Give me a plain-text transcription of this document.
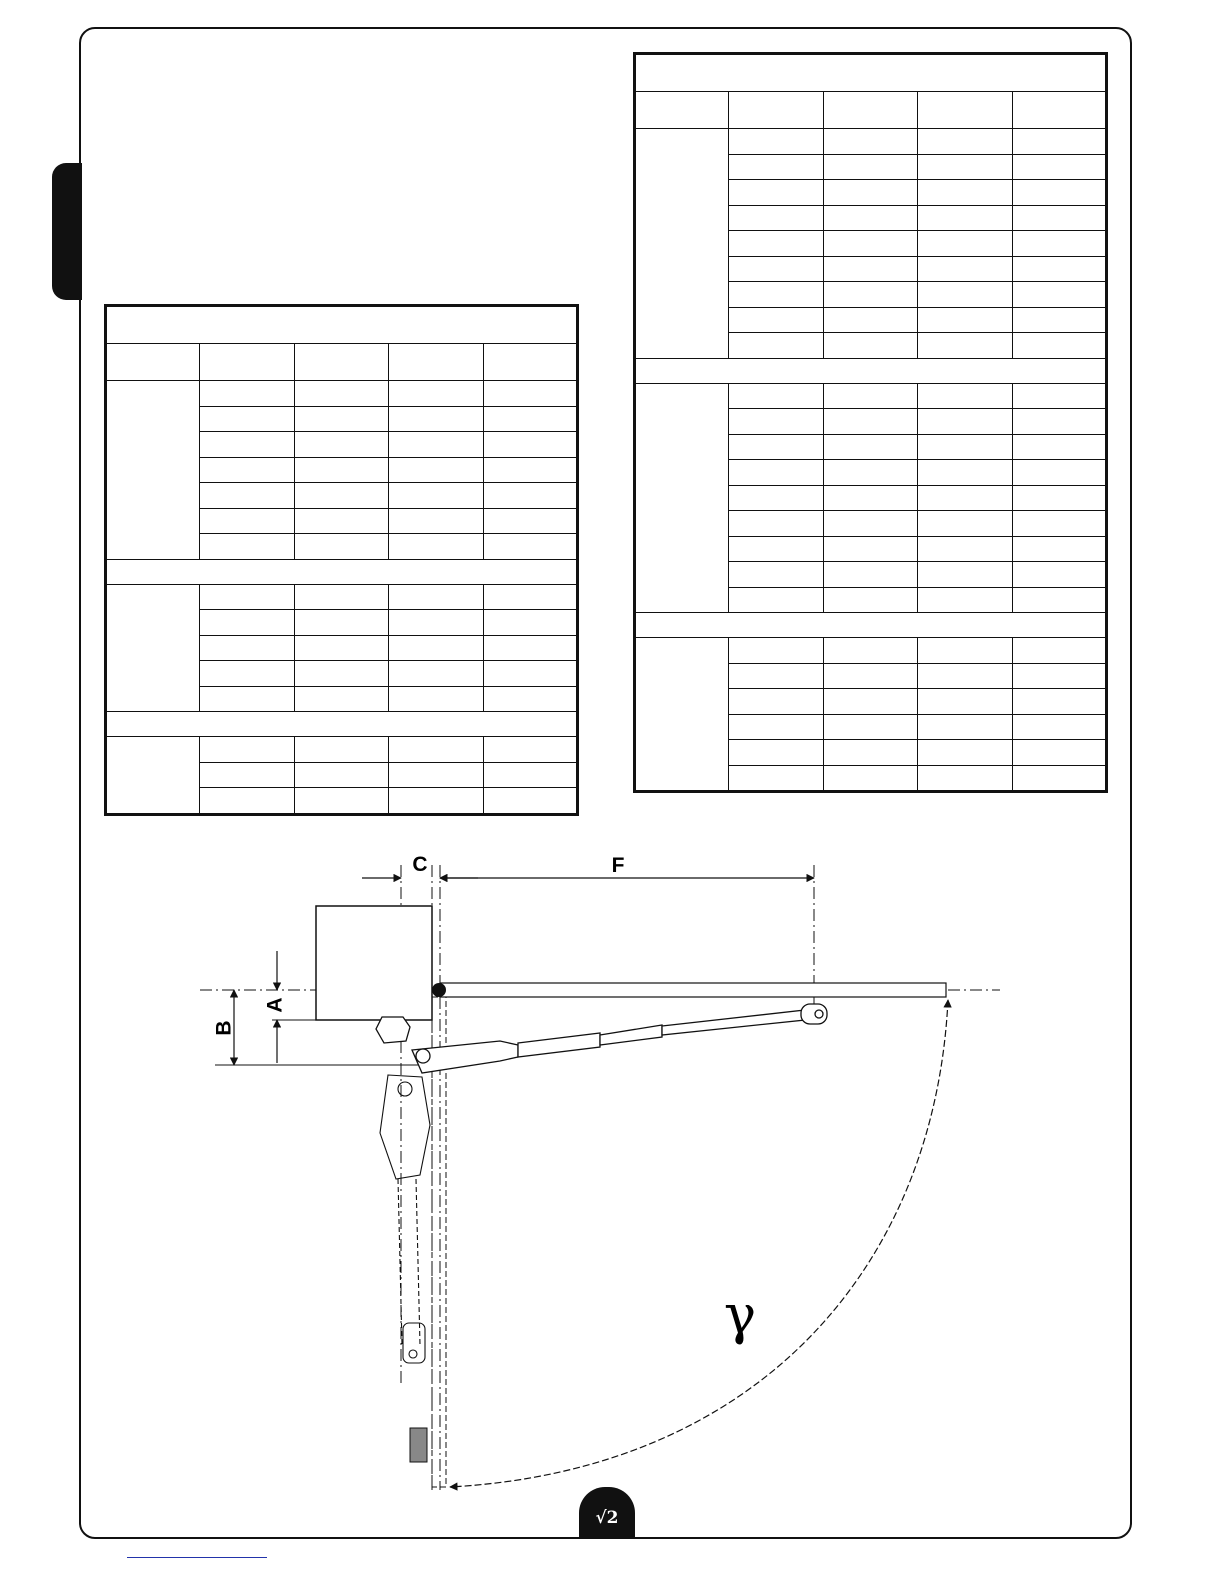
C	F
A
B
γ
√2
